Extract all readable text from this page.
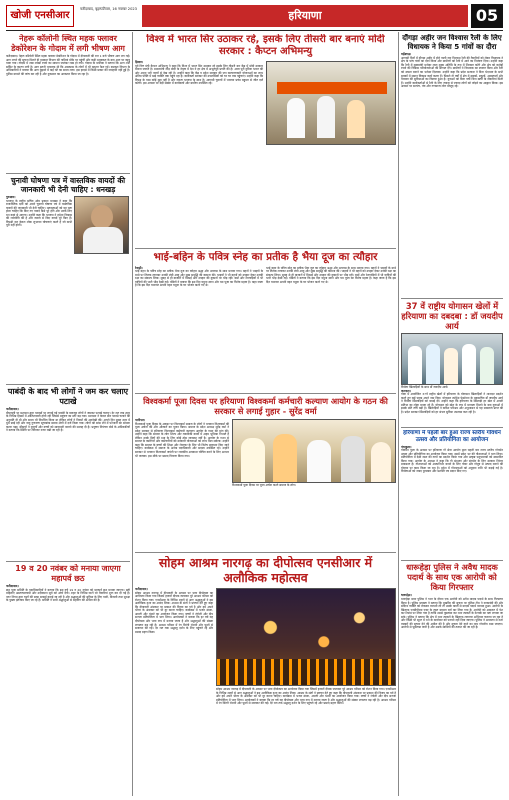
खोजी एनसीआर
फरीदाबाद, बृहस्पतिवार, 16 नवम्बर 2023	हरियाणा	05
नेहरू कॉलोनी स्थित महक फ्लावर डेकोरेशन के गोदाम में लगी भीषण आग
फरीदाबाद। नेहरू कॉलोनी स्थित महक फ्लावर डेकोरेशन के गोदाम में दीपावली की रात 1 बजे भीषण आग लग गई। आग लगने की सूचना मिलते ही दमकल विभाग की गाड़ियां मौके पर पहुंचीं और कड़ी मशक्कत के बाद आग पर काबू पाया गया। गोदाम में रखा लाखों रुपये का सामान जलकर राख हो गया। गोदाम के मालिक ने बताया कि आग शॉर्ट सर्किट के कारण लगी है। आग इतनी भयानक थी कि आसपास के लोगों में भी दहशत फैल गई। दमकल विभाग के अधिकारियों ने बताया कि आग बुझाने में कई घंटे का समय लगा। इस हादसे में किसी प्रकार की जनहानि नहीं हुई है। पुलिस मामले की जांच कर रही है और नुकसान का आकलन किया जा रहा है।
चुनावी घोषणा पत्र में वास्तविक वायदों की जानकारी भी देनी चाहिए : धनखड़
गुरुग्राम।
भाजपा के राष्ट्रीय सचिव ओम प्रकाश धनखड़ ने कहा कि राजनीतिक दलों को अपने चुनावी घोषणा पत्र में वास्तविक वायदों की जानकारी भी देनी चाहिए। मतदाताओं को यह पता होना चाहिए कि किए गए वायदे कैसे पूरे होंगे और उनके लिए धन कहां से आएगा। उन्होंने कहा कि भाजपा ने हमेशा विकास की राजनीति की है और जनता से किए वायदे पूरे किए हैं। विपक्षी दल केवल लोक लुभावन घोषणाएं करते हैं जो कभी पूरी नहीं होतीं।
पाबंदी के बाद भी लोगों ने जम कर चलाए पटाखे
फरीदाबाद।
दीपावली पर प्रशासन द्वारा पटाखों पर लगाई गई पाबंदी के बावजूद लोगों ने जमकर पटाखे चलाए। देर रात तक शहर के विभिन्न हिस्सों में आतिशबाजी होती रही जिससे प्रदूषण का स्तर बढ़ गया। प्रशासन ने केवल ग्रीन पटाखे चलाने की अनुमति दी थी और समय भी निर्धारित किया था लेकिन लोगों ने नियमों की अनदेखी की। अगले दिन सुबह शहर में धुंध छाई रही और वायु गुणवत्ता सूचकांक खराब श्रेणी में दर्ज किया गया। लोगों को सांस लेने में परेशानी का सामना करना पड़ा। डॉक्टरों ने बुजुर्गों और बच्चों को सावधानी बरतने की सलाह दी है। प्रदूषण नियंत्रण बोर्ड के अधिकारियों ने बताया कि स्थिति पर लगातार नजर रखी जा रही है।
19 व 20 नवंबर को मनाया जाएगा महापर्व छठ
फरीदाबाद।
छठ पूजा समिति के पदाधिकारियों ने बताया कि इस वर्ष 19 व 20 नवंबर को महापर्व छठ मनाया जाएगा। व्रती महिलाएं अस्ताचलगामी और उदीयमान सूर्य को अर्घ्य देंगी। शहर के विभिन्न घाटों पर तैयारियां शुरू कर दी गई हैं। नगर निगम द्वारा घाटों की साफ सफाई कराई जा रही है और श्रद्धालुओं की सुविधा के लिए पानी, बिजली तथा सुरक्षा के पुख्ता इंतजाम किए जा रहे हैं। समिति ने सभी श्रद्धालुओं से सहयोग की अपील की है।
विश्व में भारत सिर उठाकर रहे, इसके लिए तीसरी बार बनाएं मोदी सरकार : कैप्टन अभिमन्यु
हिसार।
पूर्व वित्त मंत्री कैप्टन अभिमन्यु ने कहा कि विश्व में भारत सिर उठाकर रहे इसके लिए तीसरी बार केंद्र में मोदी सरकार बनाना जरूरी है। प्रधानमंत्री नरेंद्र मोदी के नेतृत्व में देश ने हर क्षेत्र में अभूतपूर्व प्रगति की है। आज पूरी दुनिया भारत की ओर आशा भरी नजरों से देख रही है। उन्होंने कहा कि केंद्र व प्रदेश सरकार की जन कल्याणकारी योजनाओं का लाभ अंतिम पंक्ति में खड़े व्यक्ति तक पहुंच रहा है। कार्यकर्ता सरकार की उपलब्धियों को घर घर तक पहुंचाएं। उन्होंने कहा कि विपक्ष के पास कोई मुद्दा नहीं है और जनता भाजपा के साथ है। आगामी चुनावों में भाजपा प्रचंड बहुमत से जीत दर्ज करेगी। इस अवसर पर बड़ी संख्या में कार्यकर्ता और ग्रामीण उपस्थित रहे।
भाई-बहिन के पवित्र स्नेह का प्रतीक है भैया दूज का त्यौहार
रेवाड़ी।
भाई बहन के पवित्र स्नेह का प्रतीक भैया दूज का त्योहार श्रद्धा और उल्लास के साथ मनाया गया। बहनों ने भाइयों के माथे पर तिलक लगाकर उनकी लंबी आयु और सुख समृद्धि की कामना की। भाइयों ने भी बहनों को उपहार देकर उनकी रक्षा का संकल्प लिया। सुबह से ही बाजारों में मिठाई और उपहार की दुकानों पर भीड़ रही। बसों और रेलगाड़ियों में भी यात्रियों की भारी भीड़ देखी गई। पंडितों ने बताया कि इस दिन यमुना स्नान और यम पूजा का विशेष महत्व है। कहा जाता है कि इस दिन यमराज अपनी बहन यमुना के घर भोजन करने गए थे।
भाई बहन के पवित्र स्नेह का प्रतीक भैया दूज का त्योहार श्रद्धा और उल्लास के साथ मनाया गया। बहनों ने भाइयों के माथे पर तिलक लगाकर उनकी लंबी आयु और सुख समृद्धि की कामना की। भाइयों ने भी बहनों को उपहार देकर उनकी रक्षा का संकल्प लिया। सुबह से ही बाजारों में मिठाई और उपहार की दुकानों पर भीड़ रही। बसों और रेलगाड़ियों में भी यात्रियों की भारी भीड़ देखी गई। पंडितों ने बताया कि इस दिन यमुना स्नान और यम पूजा का विशेष महत्व है। कहा जाता है कि इस दिन यमराज अपनी बहन यमुना के घर भोजन करने गए थे।
विश्वकर्मा पूजा दिवस पर हरियाणा विश्वकर्मा कर्मचारी कल्याण आयोग के गठन की सरकार से लगाई गुहार - सुरेंद्र वर्मा
पानीपत।
विश्वकर्मा पूजा दिवस के अवसर पर विश्वकर्मा समाज के लोगों ने भगवान विश्वकर्मा की पूजा अर्चना की और औजारों का पूजन किया। समाज के प्रदेश अध्यक्ष सुरेंद्र वर्मा ने प्रदेश सरकार से हरियाणा विश्वकर्मा कर्मचारी कल्याण आयोग के गठन की मांग की। उन्होंने कहा कि समाज के लोग शिल्प और तकनीकी कार्यों में अहम भूमिका निभाते हैं लेकिन उनके हितों की रक्षा के लिए कोई ठोस व्यवस्था नहीं है। आयोग के गठन से समाज के कारीगरों और कर्मचारियों को सरकारी योजनाओं का लाभ मिल सकेगा। उन्होंने कहा कि समाज के बच्चों की शिक्षा और रोजगार के लिए भी विशेष प्रावधान किए जाने चाहिए। कार्यक्रम में समाज के अनेक पदाधिकारी और सदस्य उपस्थित रहे। उन्होंने सरकार से भगवान विश्वकर्मा जयंती पर राजकीय अवकाश घोषित करने के लिए आभार भी जताया। इस मौके पर प्रसाद वितरण किया गया।
विश्वकर्मा पूजा दिवस पर पूजा अर्चना करते समाज के लोग।
सोहम आश्रम नारगढ़ का दीपोत्सव एनसीआर में अलौकिक महोत्सव
फरीदाबाद।
सोहम आश्रम नारगढ़ में दीपावली के अवसर पर भव्य दीपोत्सव का आयोजन किया गया जिसमें हजारों दीपक जलाकर पूरे आश्रम परिसर को रोशन किया गया। एनसीआर के विभिन्न शहरों से आए श्रद्धालुओं ने इस अलौकिक दृश्य का आनंद लिया। आश्रम के संतों ने प्रवचन देते हुए कहा कि दीपावली अंधकार पर प्रकाश की विजय का पर्व है और हमें अपने भीतर के अंधकार को भी दूर करना चाहिए। कार्यक्रम में भजन संध्या, आरती और भंडारे का आयोजन किया गया। बच्चों ने रंगोली और दीप सज्जा प्रतियोगिता में भाग लिया। आयोजकों ने बताया कि हर वर्ष यह दीपोत्सव और भव्य रूप में मनाया जाता है और श्रद्धालुओं की संख्या लगातार बढ़ रही है। आश्रम परिसर में रंग बिरंगी रोशनी और फूलों से सजावट की गई। देर रात तक श्रद्धालु दर्शन के लिए पहुंचते रहे और प्रसाद ग्रहण किया।
सोहम आश्रम नारगढ़ में दीपावली के अवसर पर भव्य दीपोत्सव का आयोजन किया गया जिसमें हजारों दीपक जलाकर पूरे आश्रम परिसर को रोशन किया गया। एनसीआर के विभिन्न शहरों से आए श्रद्धालुओं ने इस अलौकिक दृश्य का आनंद लिया। आश्रम के संतों ने प्रवचन देते हुए कहा कि दीपावली अंधकार पर प्रकाश की विजय का पर्व है और हमें अपने भीतर के अंधकार को भी दूर करना चाहिए। कार्यक्रम में भजन संध्या, आरती और भंडारे का आयोजन किया गया। बच्चों ने रंगोली और दीप सज्जा प्रतियोगिता में भाग लिया। आयोजकों ने बताया कि हर वर्ष यह दीपोत्सव और भव्य रूप में मनाया जाता है और श्रद्धालुओं की संख्या लगातार बढ़ रही है। आश्रम परिसर में रंग बिरंगी रोशनी और फूलों से सजावट की गई। देर रात तक श्रद्धालु दर्शन के लिए पहुंचते रहे और प्रसाद ग्रहण किया।
दौंगड़ा अहीर जन विश्वास रैली के लिए विधायक ने किया 5 गांवों का दौरा
महेंद्रगढ़।
आगामी दिनों में दौंगड़ा अहीर में होने वाली जन विश्वास रैली की तैयारियों को लेकर विधायक ने क्षेत्र के पांच गांवों का दौरा किया और ग्रामीणों को रैली में आने का निमंत्रण दिया। उन्होंने कहा कि रैली में मुख्यमंत्री मनोहर लाल मुख्य अतिथि के रूप में शिरकत करेंगे और क्षेत्र को करोड़ों रुपये की विकास परियोजनाओं की सौगात देंगे। ग्रामीणों ने विधायक का स्वागत किया और रैली को सफल बनाने का भरोसा दिलाया। उन्होंने कहा कि प्रदेश सरकार ने बिना भेदभाव के सभी हलकों में समान विकास कार्य कराए हैं। पिछले नौ वर्षों में क्षेत्र में सड़कों, स्कूलों, अस्पतालों और पेयजल की सुविधाओं का विस्तार हुआ है। युवाओं को बिना पर्ची बिना खर्ची के नौकरियां मिली हैं। उन्होंने कार्यकर्ताओं से रैली के लिए ज्यादा से ज्यादा लोगों को जोड़ने का आह्वान किया। इस अवसर पर सरपंच, पंच और गणमान्य लोग मौजूद रहे।
37 वें राष्ट्रीय योगासन खेलों में हरियाणा का दबदबा : डॉ जयदीप आर्य
विजेता खिलाड़ियों के साथ डॉ जयदीप आर्य।
करनाल।
गोवा में आयोजित 37वें राष्ट्रीय खेलों में हरियाणा के योगासन खिलाड़ियों ने शानदार प्रदर्शन करते हुए कई पदक अपने नाम किए। योगासन स्पोर्ट्स फेडरेशन के महासचिव डॉ जयदीप आर्य ने विजेता खिलाड़ियों को बधाई दी। उन्होंने कहा कि हरियाणा के खिलाड़ी हर खेल में अपनी प्रतिभा का लोहा मनवा रहे हैं। योगासन को खेल के रूप में मान्यता मिलने के बाद युवाओं में इसके प्रति रुचि बढ़ी है। खिलाड़ियों ने कठिन परिश्रम और अनुशासन से यह सफलता प्राप्त की है। प्रदेश सरकार खिलाड़ियों को हर संभव सुविधा उपलब्ध करा रही है।
हरियाणा में पहली बार हुआ राज्य स्तरीय गोवर्धन उत्सव और प्रतियोगिता का आयोजन
पंचकूला।
गोवर्धन पूजा के अवसर पर हरियाणा गौ सेवा आयोग द्वारा पहली बार राज्य स्तरीय गोवर्धन उत्सव और प्रतियोगिता का आयोजन किया गया। इसमें प्रदेश भर की गौशालाओं ने भाग लिया। प्रतियोगिता में देसी नस्ल की गायों का प्रदर्शन किया गया और उत्कृष्ट पशुपालकों को सम्मानित किया गया। आयोग के अध्यक्ष ने कहा कि गौ संरक्षण और संवर्धन के लिए सरकार निरंतर प्रयासरत है। गौशालाओं को आत्मनिर्भर बनाने के लिए गोबर और गोमूत्र से उत्पाद बनाने की योजना पर काम किया जा रहा है। प्रदेश में गौशालाओं को अनुदान राशि भी बढ़ाई गई है। विजेताओं को नकद पुरस्कार और प्रशस्ति पत्र प्रदान किए गए।
धारूहेड़ा पुलिस ने अवैध मादक पदार्थ के साथ एक आरोपी को किया गिरफ्तार
धारूहेड़ा।
धारूहेड़ा थाना पुलिस ने गश्त के दौरान एक आरोपी को अवैध मादक पदार्थ के साथ गिरफ्तार किया है। पुलिस प्रवक्ता ने बताया कि मुखबिर की सूचना पर पुलिस टीम ने नाकाबंदी की और संदिग्ध व्यक्ति को रोककर तलाशी ली तो उसके कब्जे से मादक पदार्थ बरामद हुआ। आरोपी के खिलाफ एनडीपीएस एक्ट के तहत मामला दर्ज कर लिया गया है। आरोपी को अदालत में पेश कर रिमांड पर लिया गया है ताकि उससे पूछताछ कर नशा तस्करी के नेटवर्क का पता लगाया जा सके। पुलिस ने बताया कि क्षेत्र में नशा तस्करों के खिलाफ लगातार अभियान चलाया जा रहा है और किसी भी सूरत में नशे के कारोबार को पनपने नहीं दिया जाएगा। पुलिस ने आमजन से नशा तस्करों की सूचना देने की अपील की है और सूचना देने वाले का नाम गोपनीय रखा जाएगा। आरोपी से पूछताछ जारी है और उसके साथियों की तलाश की जा रही है।
